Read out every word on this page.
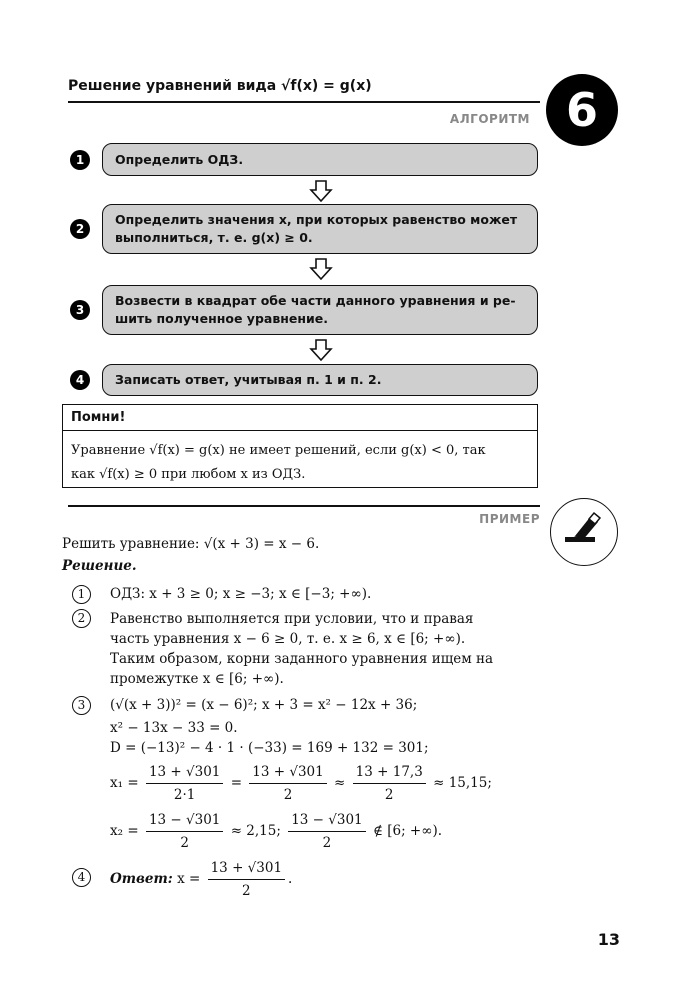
Решение уравнений вида √f(x) = g(x)	6
АЛГОРИТМ
1	Определить ОДЗ.
2
Определить значения x, при которых равенство может
выполниться, т. е. g(x) ≥ 0.
3
Возвести в квадрат обе части данного уравнения и ре-
шить полученное уравнение.
4	Записать ответ, учитывая п. 1 и п. 2.
Помни!
Уравнение √f(x) = g(x) не имеет решений, если g(x) < 0, так
как √f(x) ≥ 0 при любом x из ОДЗ.
ПРИМЕР
Решить уравнение: √(x + 3) = x − 6.
Решение.
1	ОДЗ: x + 3 ≥ 0; x ≥ −3; x ∈ [−3; +∞).
2	Равенство выполняется при условии, что и правая
часть уравнения x − 6 ≥ 0, т. е. x ≥ 6, x ∈ [6; +∞).
Таким образом, корни заданного уравнения ищем на
промежутке x ∈ [6; +∞).
3	(√(x + 3))² = (x − 6)²; x + 3 = x² − 12x + 36;
x² − 13x − 33 = 0.
D = (−13)² − 4 · 1 · (−33) = 169 + 132 = 301;
$x_1 = \frac{13 + √301}{2\cdot 1} = \frac{13 + √301}{2} \approx \frac{13 + 17,3}{2} \approx 15,15$;
$x_2 = \frac{13 - √301}{2} \approx 2,15$; $\frac{13 - √301}{2}$ ∉ [6; +∞).
4	Ответ: $x = \frac{13 + √301}{2}$ .
13
